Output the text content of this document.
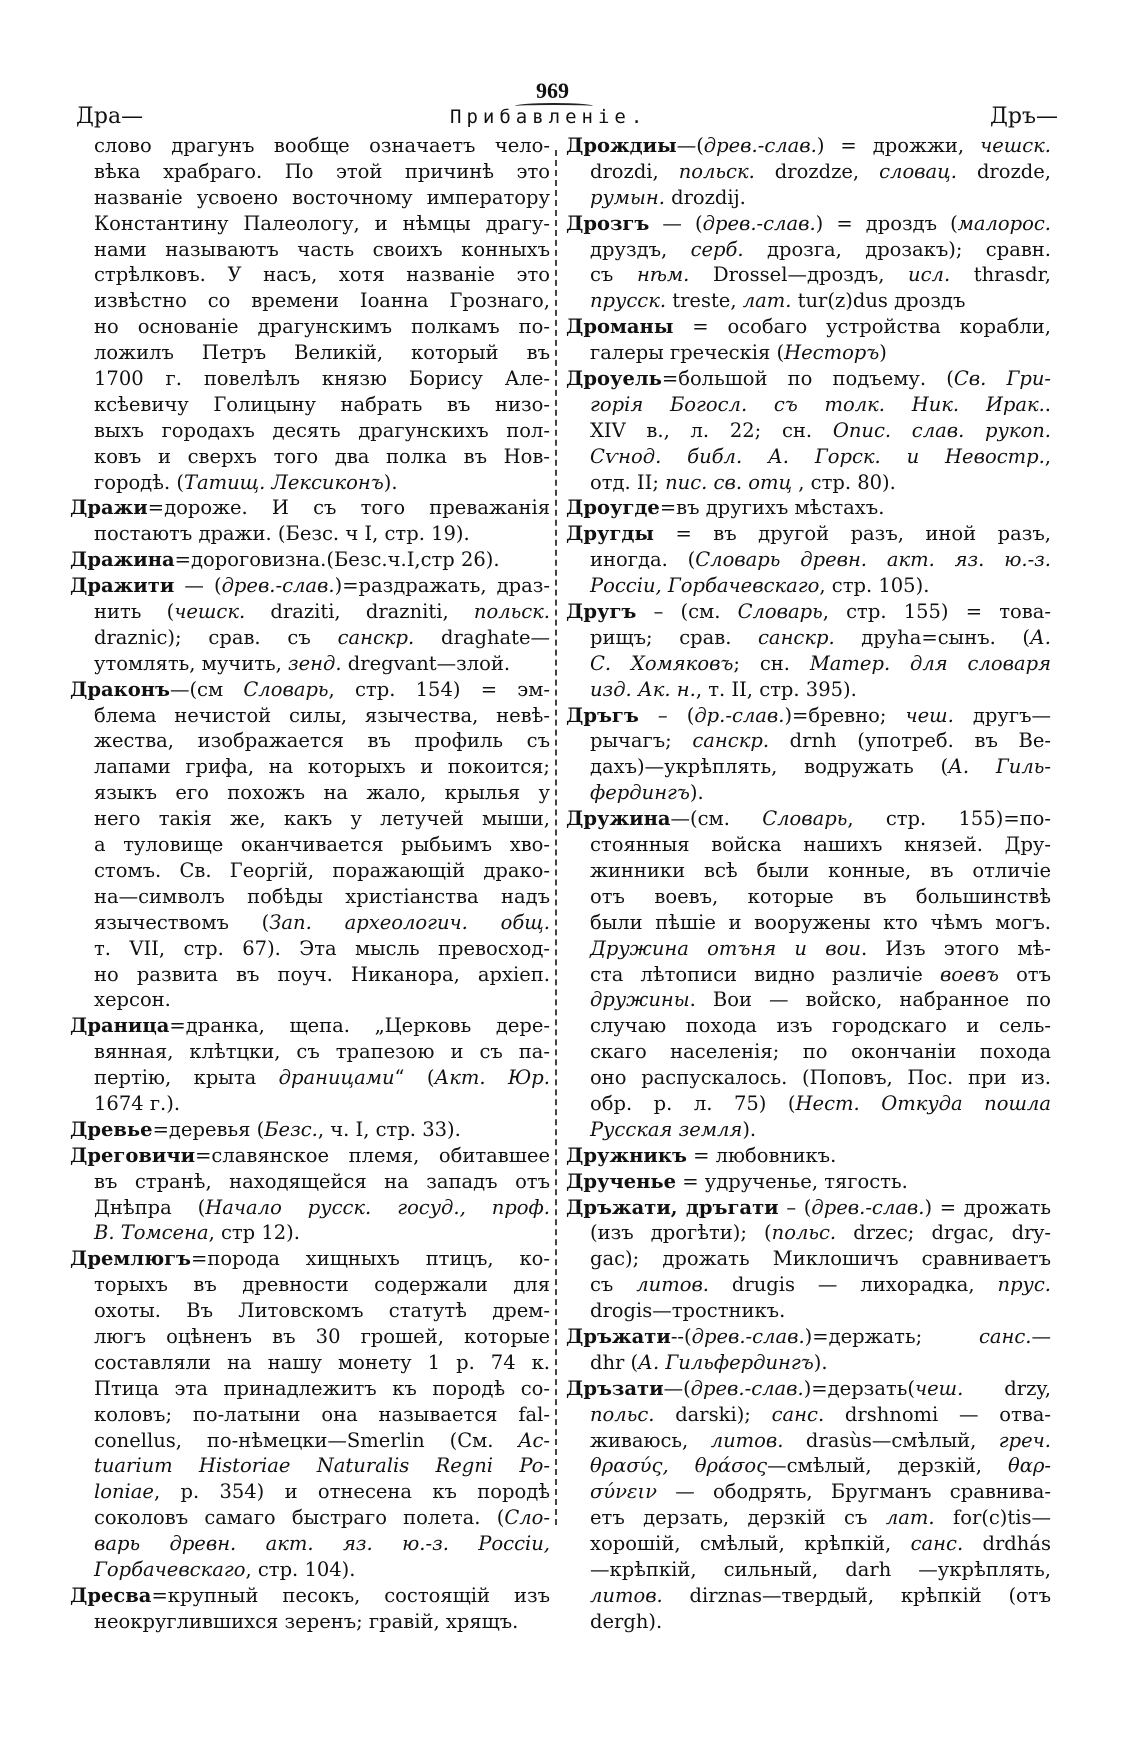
969
Дра—	Прибавленіе.	Дръ—
слово драгунъ вообще означаетъ чело-
вѣка храбраго. По этой причинѣ это
названіе усвоено восточному императору
Константину Палеологу, и нѣмцы драгу-
нами называютъ часть своихъ конныхъ
стрѣлковъ. У насъ, хотя названіе это
извѣстно со времени Іоанна Грознаго,
но основаніе драгунскимъ полкамъ по-
ложилъ Петръ Великій, который въ
1700 г. повелѣлъ князю Борису Але-
ксѣевичу Голицыну набрать въ низо-
выхъ городахъ десять драгунскихъ пол-
ковъ и сверхъ того два полка въ Нов-
городѣ. (Татищ. Лексиконъ).
Дражи=дороже. И съ того преважанія
постаютъ дражи. (Безс. ч I, стр. 19).
Дражина=дороговизна.(Безс.ч.I,стр 26).
Дражити — (древ.-слав.)=раздражать, драз-
нить (чешск. draziti, drazniti, польск.
draznic); срав. съ санскр. draghate—
утомлять, мучить, зенд. dregvant—злой.
Драконъ—(см Словарь, стр. 154) = эм-
блема нечистой силы, язычества, невѣ-
жества, изображается въ профиль съ
лапами грифа, на которыхъ и покоится;
языкъ его похожъ на жало, крылья у
него такія же, какъ у летучей мыши,
а туловище оканчивается рыбьимъ хво-
стомъ. Св. Георгій, поражающій драко-
на—символъ побѣды христіанства надъ
язычествомъ (Зап. археологич. общ.
т. VII, стр. 67). Эта мысль превосход-
но развита въ поуч. Никанора, архіеп.
херсон.
Драница=дранка, щепа. „Церковь дере-
вянная, клѣтцки, съ трапезою и съ па-
пертію, крыта драницами“ (Акт. Юр.
1674 г.).
Древье=деревья (Безс., ч. I, стр. 33).
Дреговичи=славянское племя, обитавшее
въ странѣ, находящейся на западъ отъ
Днѣпра (Начало русск. госуд., проф.
В. Томсена, стр 12).
Дремлюгъ=порода хищныхъ птицъ, ко-
торыхъ въ древности содержали для
охоты. Въ Литовскомъ статутѣ дрем-
люгъ оцѣненъ въ 30 грошей, которые
составляли на нашу монету 1 р. 74 к.
Птица эта принадлежитъ къ породѣ со-
коловъ; по-латыни она называется fal-
conellus, по-нѣмецки—Smerlin (См. Ac-
tuarium Historiae Naturalis Regni Po-
loniae, p. 354) и отнесена къ породѣ
соколовъ самаго быстраго полета. (Сло-
варь древн. акт. яз. ю.-з. Россіи,
Горбачевскаго, стр. 104).
Дресва=крупный песокъ, состоящій изъ
неокруглившихся зеренъ; гравій, хрящъ.
Дрождиы—(древ.-слав.) = дрожжи, чешск.
drozdi, польск. drozdze, словац. drozde,
румын. drozdij.
Дрозгъ — (древ.-слав.) = дроздъ (малорос.
друздъ, серб. дрозга, дрозакъ); сравн.
съ нѣм. Drossel—дроздъ, исл. thrasdr,
прусск. treste, лат. tur(z)dus дроздъ
Дроманы = особаго устройства корабли,
галеры греческія (Несторъ)
Дроуель=большой по подъему. (Св. Гри-
горія Богосл. съ толк. Ник. Ирак..
XIV в., л. 22; сн. Опис. слав. рукоп.
Сѵнод. библ. А. Горск. и Невостр.,
отд. II; пис. св. отц , стр. 80).
Дроугде=въ другихъ мѣстахъ.
Другды = въ другой разъ, иной разъ,
иногда. (Словарь древн. акт. яз. ю.-з.
Россіи, Горбачевскаго, стр. 105).
Другъ – (см. Словарь, стр. 155) = това-
рищъ; срав. санскр. друha=сынъ. (А.
С. Хомяковъ; сн. Матер. для словаря
изд. Ак. н., т. II, стр. 395).
Дръгъ – (др.-слав.)=бревно; чеш. другъ—
рычагъ; санскр. drnh (употреб. въ Ве-
дахъ)—укрѣплять, водружать (А. Гиль-
фердингъ).
Дружина—(см. Словарь, стр. 155)=по-
стоянныя войска нашихъ князей. Дру-
жинники всѣ были конные, въ отличіе
отъ воевъ, которые въ большинствѣ
были пѣшіе и вооружены кто чѣмъ могъ.
Дружина отъня и вои. Изъ этого мѣ-
ста лѣтописи видно различіе воевъ отъ
дружины. Вои — войско, набранное по
случаю похода изъ городскаго и сель-
скаго населенія; по окончаніи похода
оно распускалось. (Поповъ, Пос. при из.
обр. р. л. 75) (Нест. Откуда пошла
Русская земля).
Дружникъ = любовникъ.
Друченье = удрученье, тягость.
Дръжати, дръгати – (древ.-слав.) = дрожать
(изъ дрогѣти); (польс. drzec; drgac, dry-
gac); дрожать Миклошичъ сравниваетъ
съ литов. drugis — лихорадка, прус.
drogis—тростникъ.
Дръжати--(древ.-слав.)=держать; санс.—
dhr (А. Гильфердингъ).
Дръзати—(древ.-слав.)=дерзать(чеш. drzy,
польс. darski); санс. drshnomi — отва-
живаюсь, литов. drasùs—смѣлый, греч.
θρασύς, θράσος—смѣлый, дерзкій, θαρ-
σύνειν — ободрять, Бругманъ сравнива-
етъ дерзать, дерзкій съ лат. for(c)tis—
хорошій, смѣлый, крѣпкій, санс. drdhás
—крѣпкій, сильный, darh —укрѣплять,
литов. dirznas—твердый, крѣпкій (отъ
dergh).
